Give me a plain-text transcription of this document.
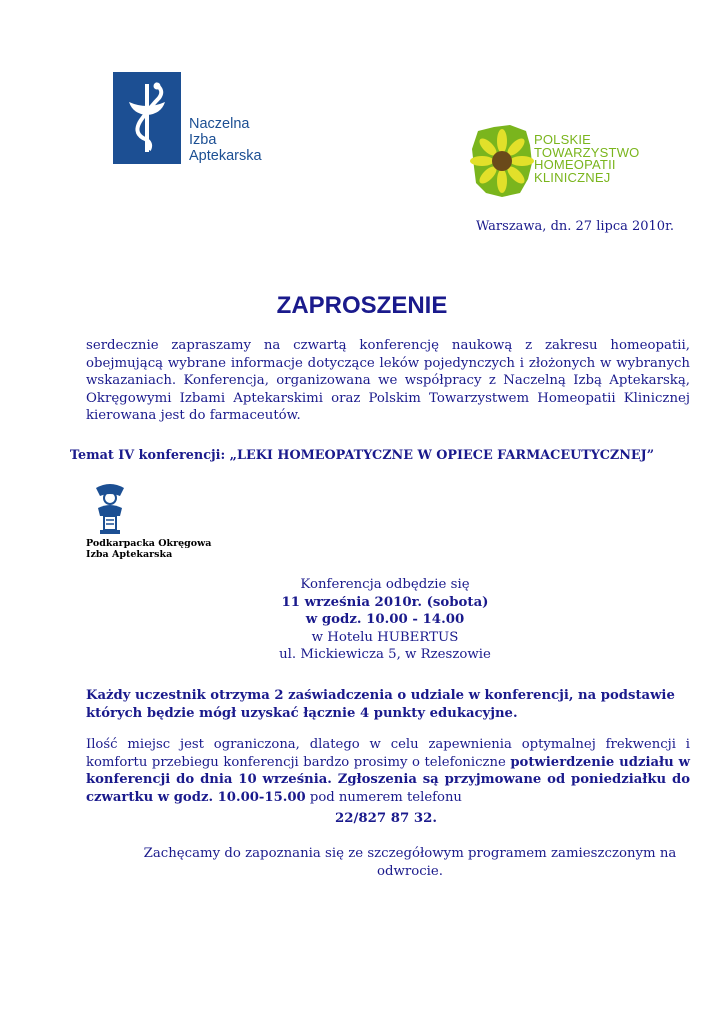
Naczelna
Izba
Aptekarska
POLSKIE
TOWARZYSTWO
HOMEOPATII
KLINICZNEJ
Warszawa, dn. 27 lipca 2010r.
ZAPROSZENIE
serdecznie zapraszamy na czwartą konferencję naukową z zakresu homeopatii, obejmującą wybrane informacje dotyczące leków pojedynczych i złożonych w wybranych wskazaniach. Konferencja, organizowana we współpracy z Naczelną Izbą Aptekarską, Okręgowymi Izbami Aptekarskimi oraz Polskim Towarzystwem Homeopatii Klinicznej kierowana jest do farmaceutów.
Temat IV konferencji: „LEKI HOMEOPATYCZNE W OPIECE FARMACEUTYCZNEJ”
Podkarpacka Okręgowa
Izba Aptekarska
Konferencja odbędzie się
11 września 2010r. (sobota)
w godz. 10.00 - 14.00
w Hotelu HUBERTUS
ul. Mickiewicza 5, w Rzeszowie
Każdy uczestnik otrzyma 2 zaświadczenia o udziale w konferencji, na podstawie których będzie mógł uzyskać łącznie 4 punkty edukacyjne.
Ilość miejsc jest ograniczona, dlatego w celu zapewnienia optymalnej frekwencji i komfortu przebiegu konferencji bardzo prosimy o telefoniczne potwierdzenie udziału w konferencji do dnia 10 września. Zgłoszenia są przyjmowane od poniedziałku do czwartku w godz. 10.00-15.00 pod numerem telefonu
22/827 87 32.
Zachęcamy do zapoznania się ze szczegółowym programem zamieszczonym na odwrocie.
